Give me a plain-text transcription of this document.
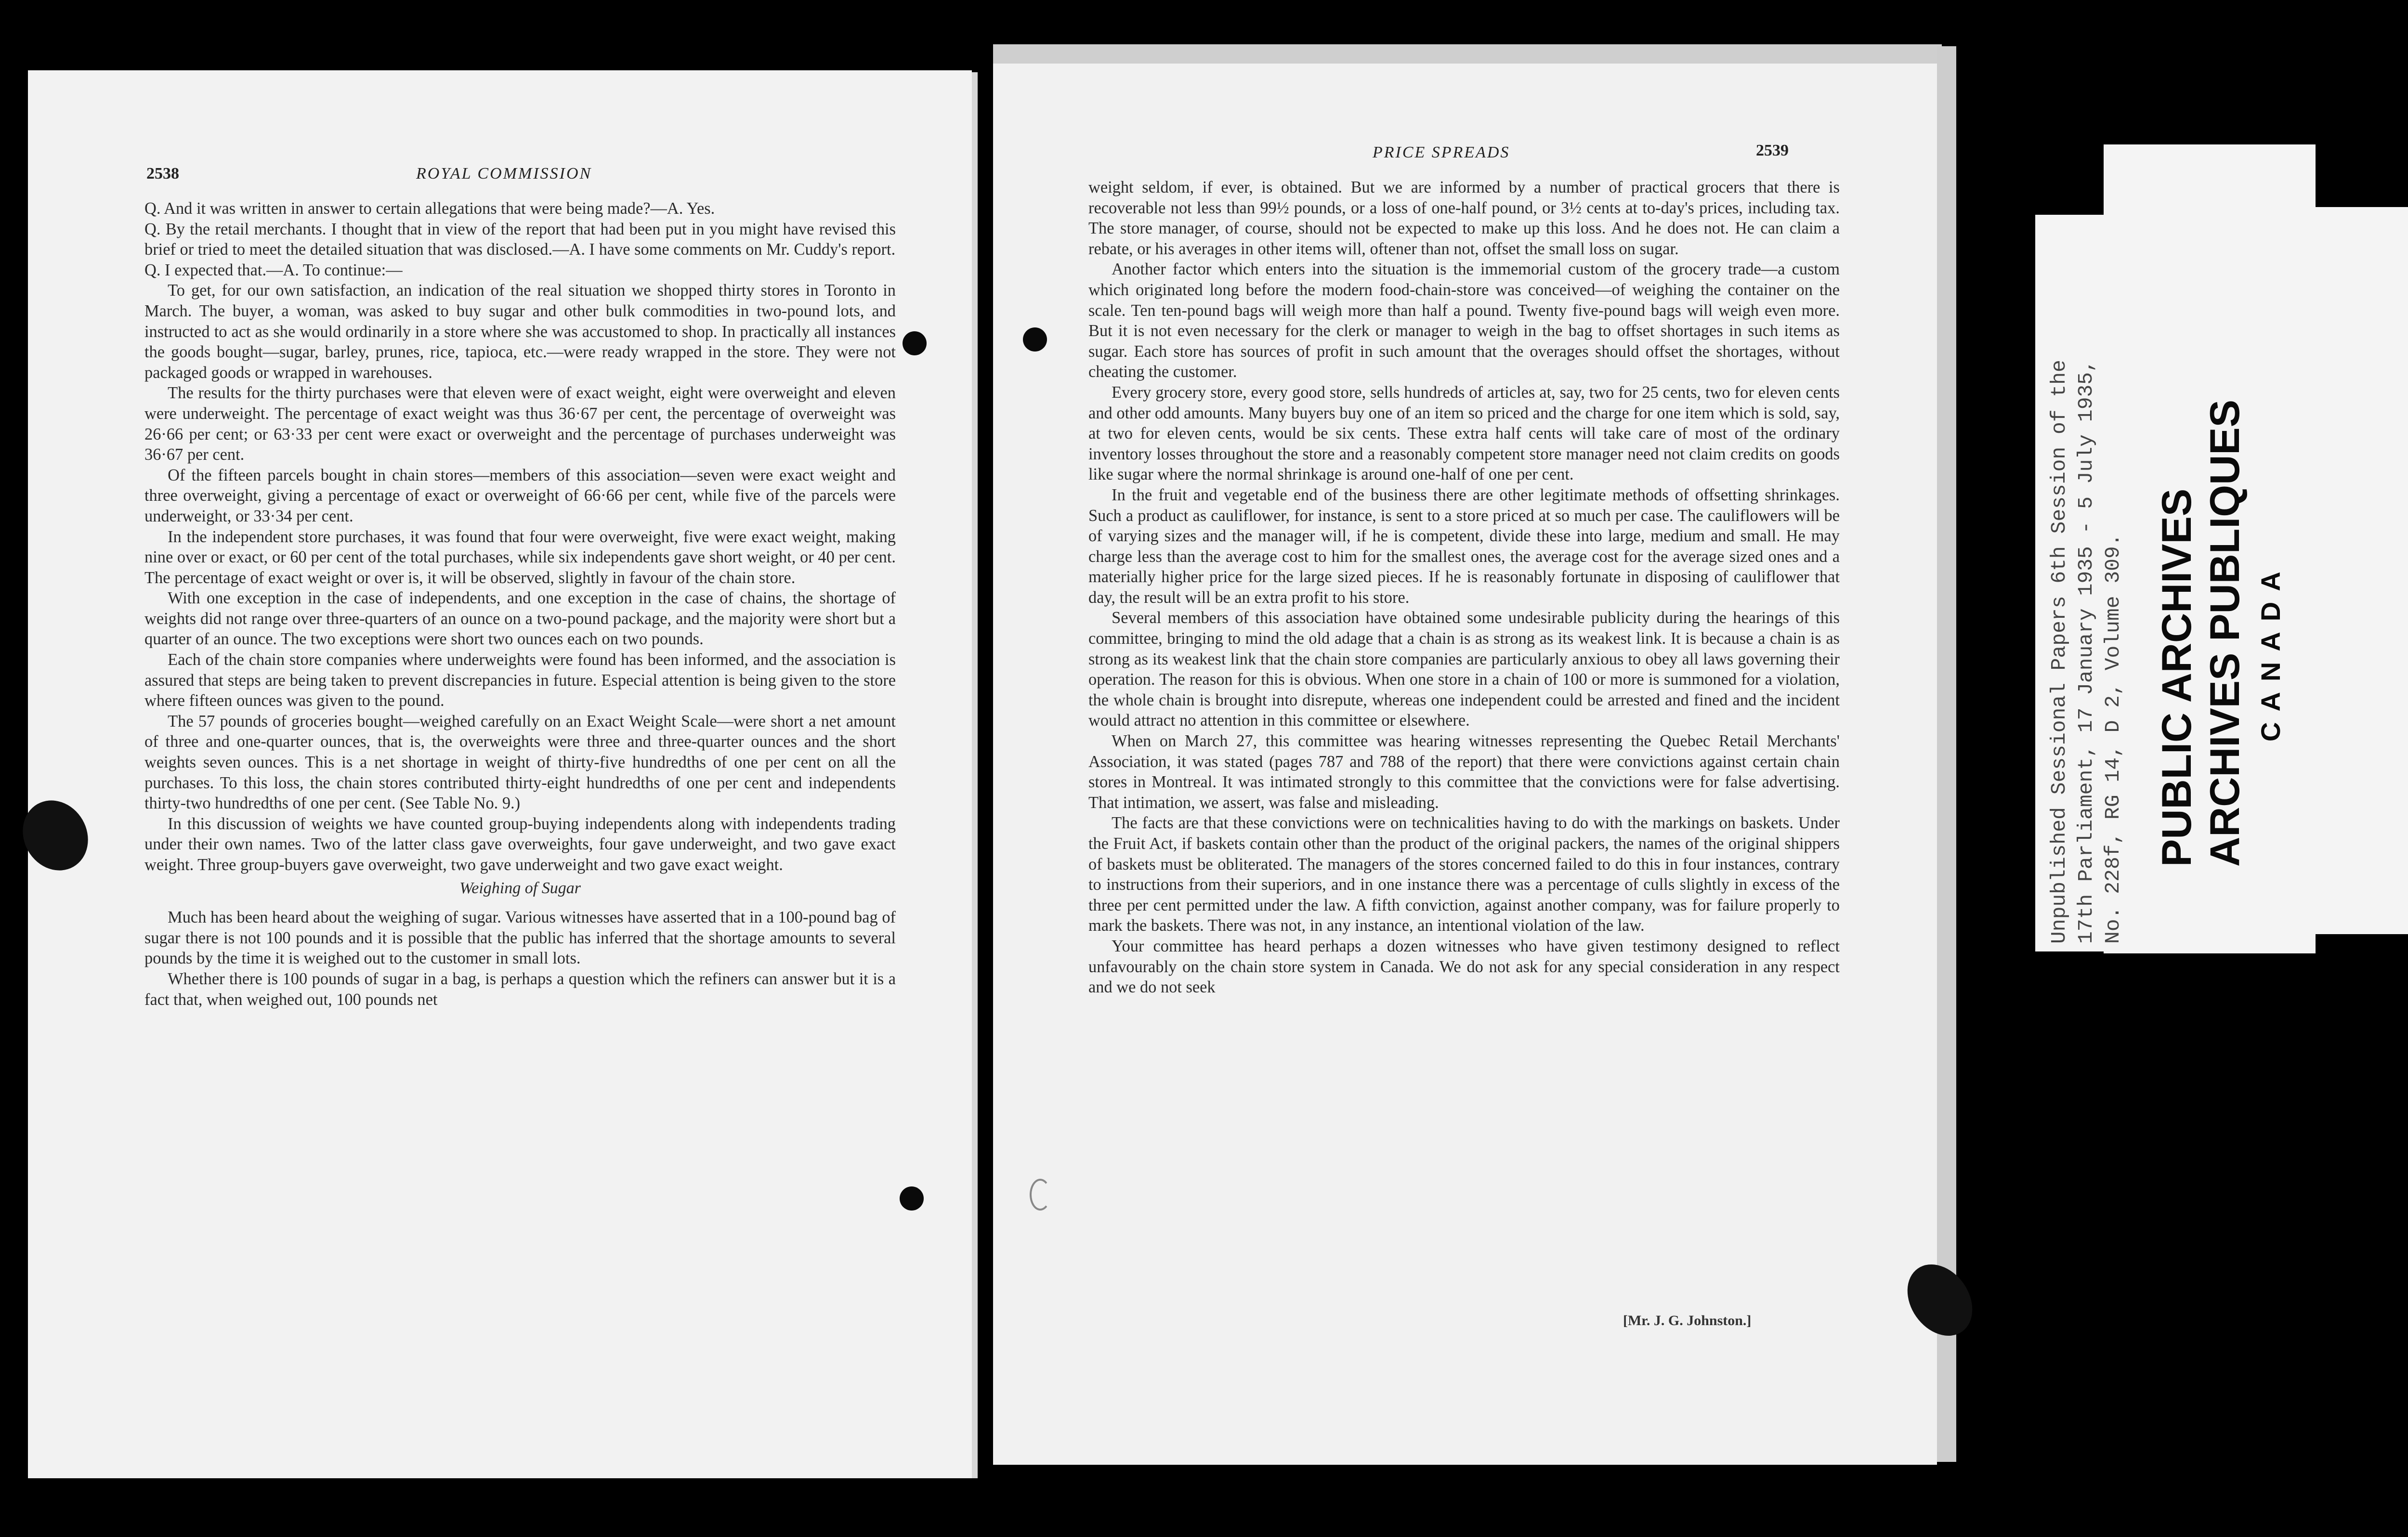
2538	ROYAL COMMISSION

Q. And it was written in answer to certain allegations that were being made?—A. Yes.

Q. By the retail merchants. I thought that in view of the report that had been put in you might have revised this brief or tried to meet the detailed situation that was disclosed.—A. I have some comments on Mr. Cuddy's report.

Q. I expected that.—A. To continue:—

To get, for our own satisfaction, an indication of the real situation we shopped thirty stores in Toronto in March. The buyer, a woman, was asked to buy sugar and other bulk commodities in two-pound lots, and instructed to act as she would ordinarily in a store where she was accustomed to shop. In practically all instances the goods bought—sugar, barley, prunes, rice, tapioca, etc.—were ready wrapped in the store. They were not packaged goods or wrapped in warehouses.

The results for the thirty purchases were that eleven were of exact weight, eight were overweight and eleven were underweight. The percentage of exact weight was thus 36·67 per cent, the percentage of overweight was 26·66 per cent; or 63·33 per cent were exact or overweight and the percentage of purchases underweight was 36·67 per cent.

Of the fifteen parcels bought in chain stores—members of this association—seven were exact weight and three overweight, giving a percentage of exact or overweight of 66·66 per cent, while five of the parcels were underweight, or 33·34 per cent.

In the independent store purchases, it was found that four were overweight, five were exact weight, making nine over or exact, or 60 per cent of the total purchases, while six independents gave short weight, or 40 per cent. The percentage of exact weight or over is, it will be observed, slightly in favour of the chain store.

With one exception in the case of independents, and one exception in the case of chains, the shortage of weights did not range over three-quarters of an ounce on a two-pound package, and the majority were short but a quarter of an ounce. The two exceptions were short two ounces each on two pounds.

Each of the chain store companies where underweights were found has been informed, and the association is assured that steps are being taken to prevent discrepancies in future. Especial attention is being given to the store where fifteen ounces was given to the pound.

The 57 pounds of groceries bought—weighed carefully on an Exact Weight Scale—were short a net amount of three and one-quarter ounces, that is, the overweights were three and three-quarter ounces and the short weights seven ounces. This is a net shortage in weight of thirty-five hundredths of one per cent on all the purchases. To this loss, the chain stores contributed thirty-eight hundredths of one per cent and independents thirty-two hundredths of one per cent. (See Table No. 9.)

In this discussion of weights we have counted group-buying independents along with independents trading under their own names. Two of the latter class gave overweights, four gave underweight, and two gave exact weight. Three group-buyers gave overweight, two gave underweight and two gave exact weight.

Weighing of Sugar

Much has been heard about the weighing of sugar. Various witnesses have asserted that in a 100-pound bag of sugar there is not 100 pounds and it is possible that the public has inferred that the shortage amounts to several pounds by the time it is weighed out to the customer in small lots.

Whether there is 100 pounds of sugar in a bag, is perhaps a question which the refiners can answer but it is a fact that, when weighed out, 100 pounds net

PRICE SPREADS	2539

weight seldom, if ever, is obtained. But we are informed by a number of practical grocers that there is recoverable not less than 99½ pounds, or a loss of one-half pound, or 3½ cents at to-day's prices, including tax. The store manager, of course, should not be expected to make up this loss. And he does not. He can claim a rebate, or his averages in other items will, oftener than not, offset the small loss on sugar.

Another factor which enters into the situation is the immemorial custom of the grocery trade—a custom which originated long before the modern food-chain-store was conceived—of weighing the container on the scale. Ten ten-pound bags will weigh more than half a pound. Twenty five-pound bags will weigh even more. But it is not even necessary for the clerk or manager to weigh in the bag to offset shortages in such items as sugar. Each store has sources of profit in such amount that the overages should offset the shortages, without cheating the customer.

Every grocery store, every good store, sells hundreds of articles at, say, two for 25 cents, two for eleven cents and other odd amounts. Many buyers buy one of an item so priced and the charge for one item which is sold, say, at two for eleven cents, would be six cents. These extra half cents will take care of most of the ordinary inventory losses throughout the store and a reasonably competent store manager need not claim credits on goods like sugar where the normal shrinkage is around one-half of one per cent.

In the fruit and vegetable end of the business there are other legitimate methods of offsetting shrinkages. Such a product as cauliflower, for instance, is sent to a store priced at so much per case. The cauliflowers will be of varying sizes and the manager will, if he is competent, divide these into large, medium and small. He may charge less than the average cost to him for the smallest ones, the average cost for the average sized ones and a materially higher price for the large sized pieces. If he is reasonably fortunate in disposing of cauliflower that day, the result will be an extra profit to his store.

Several members of this association have obtained some undesirable publicity during the hearings of this committee, bringing to mind the old adage that a chain is as strong as its weakest link. It is because a chain is as strong as its weakest link that the chain store companies are particularly anxious to obey all laws governing their operation. The reason for this is obvious. When one store in a chain of 100 or more is summoned for a violation, the whole chain is brought into disrepute, whereas one independent could be arrested and fined and the incident would attract no attention in this committee or elsewhere.

When on March 27, this committee was hearing witnesses representing the Quebec Retail Merchants' Association, it was stated (pages 787 and 788 of the report) that there were convictions against certain chain stores in Montreal. It was intimated strongly to this committee that the convictions were for false advertising. That intimation, we assert, was false and misleading.

The facts are that these convictions were on technicalities having to do with the markings on baskets. Under the Fruit Act, if baskets contain other than the product of the original packers, the names of the original shippers of baskets must be obliterated. The managers of the stores concerned failed to do this in four instances, contrary to instructions from their superiors, and in one instance there was a percentage of culls slightly in excess of the three per cent permitted under the law. A fifth conviction, against another company, was for failure properly to mark the baskets. There was not, in any instance, an intentional violation of the law.

Your committee has heard perhaps a dozen witnesses who have given testimony designed to reflect unfavourably on the chain store system in Canada. We do not ask for any special consideration in any respect and we do not seek

[Mr. J. G. Johnston.]
Unpublished Sessional Papers 6th Session of the 17th Parliament, 17 January 1935 - 5 July 1935, No. 228f, RG 14, D 2, Volume 309. PUBLIC ARCHIVES ARCHIVES PUBLIQUES CANADA
